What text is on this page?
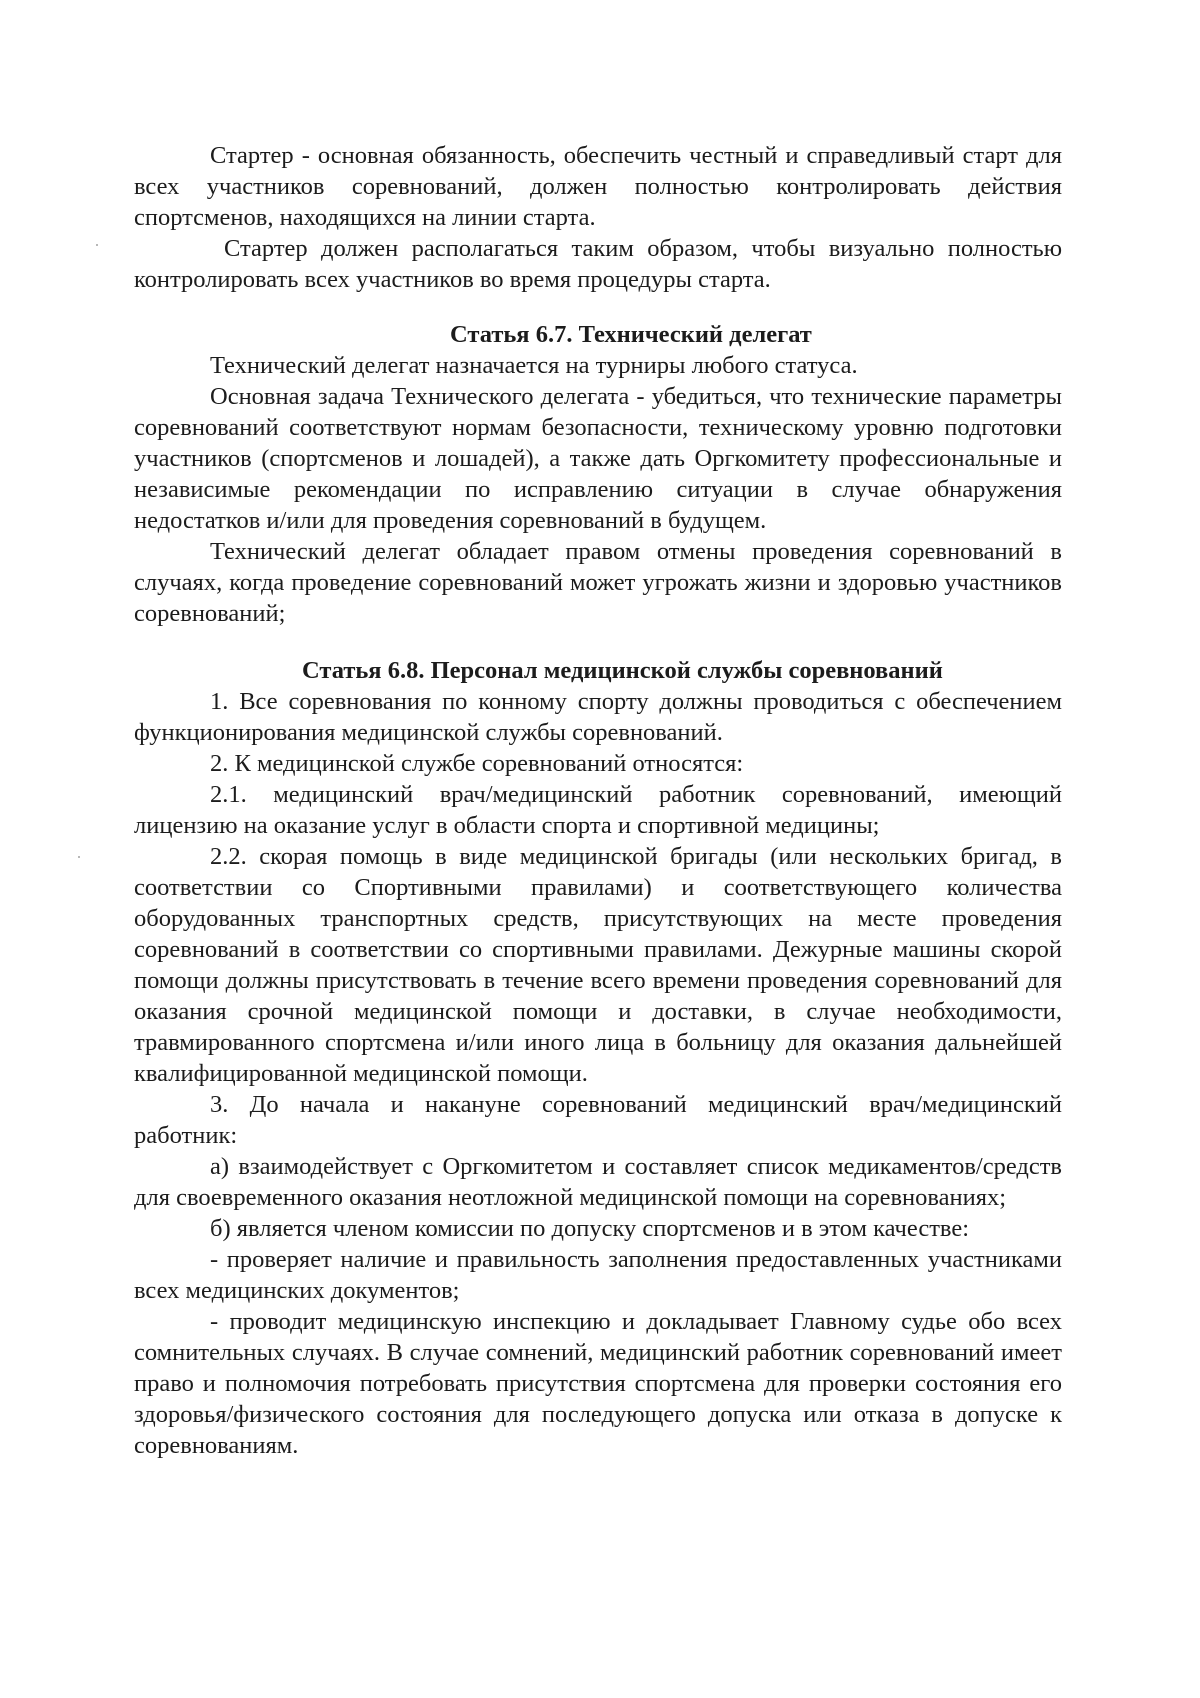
Стартер - основная обязанность, обеспечить честный и справедливый старт для всех участников соревнований, должен полностью контролировать действия спортсменов, находящихся на линии старта.

Стартер должен располагаться таким образом, чтобы визуально полностью контролировать всех участников во время процедуры старта.

Статья 6.7. Технический делегат

Технический делегат назначается на турниры любого статуса.

Основная задача Технического делегата - убедиться, что технические параметры соревнований соответствуют нормам безопасности, техническому уровню подготовки участников (спортсменов и лошадей), а также дать Оргкомитету профессиональные и независимые рекомендации по исправлению ситуации в случае обнаружения недостатков и/или для проведения соревнований в будущем.

Технический делегат обладает правом отмены проведения соревнований в случаях, когда проведение соревнований может угрожать жизни и здоровью участников соревнований;

Статья 6.8. Персонал медицинской службы соревнований

1. Все соревнования по конному спорту должны проводиться с обеспечением функционирования медицинской службы соревнований.

2. К медицинской службе соревнований относятся:

2.1. медицинский врач/медицинский работник соревнований, имеющий лицензию на оказание услуг в области спорта и спортивной медицины;

2.2. скорая помощь в виде медицинской бригады (или нескольких бригад, в соответствии со Спортивными правилами) и соответствующего количества оборудованных транспортных средств, присутствующих на месте проведения соревнований в соответствии со спортивными правилами. Дежурные машины скорой помощи должны присутствовать в течение всего времени проведения соревнований для оказания срочной медицинской помощи и доставки, в случае необходимости, травмированного спортсмена и/или иного лица в больницу для оказания дальнейшей квалифицированной медицинской помощи.

3. До начала и накануне соревнований медицинский врач/медицинский работник:

а) взаимодействует с Оргкомитетом и составляет список медикаментов/средств для своевременного оказания неотложной медицинской помощи на соревнованиях;

б) является членом комиссии по допуску спортсменов и в этом качестве:

- проверяет наличие и правильность заполнения предоставленных участниками всех медицинских документов;

- проводит медицинскую инспекцию и докладывает Главному судье обо всех сомнительных случаях. В случае сомнений, медицинский работник соревнований имеет право и полномочия потребовать присутствия спортсмена для проверки состояния его здоровья/физического состояния для последующего допуска или отказа в допуске к соревнованиям.
